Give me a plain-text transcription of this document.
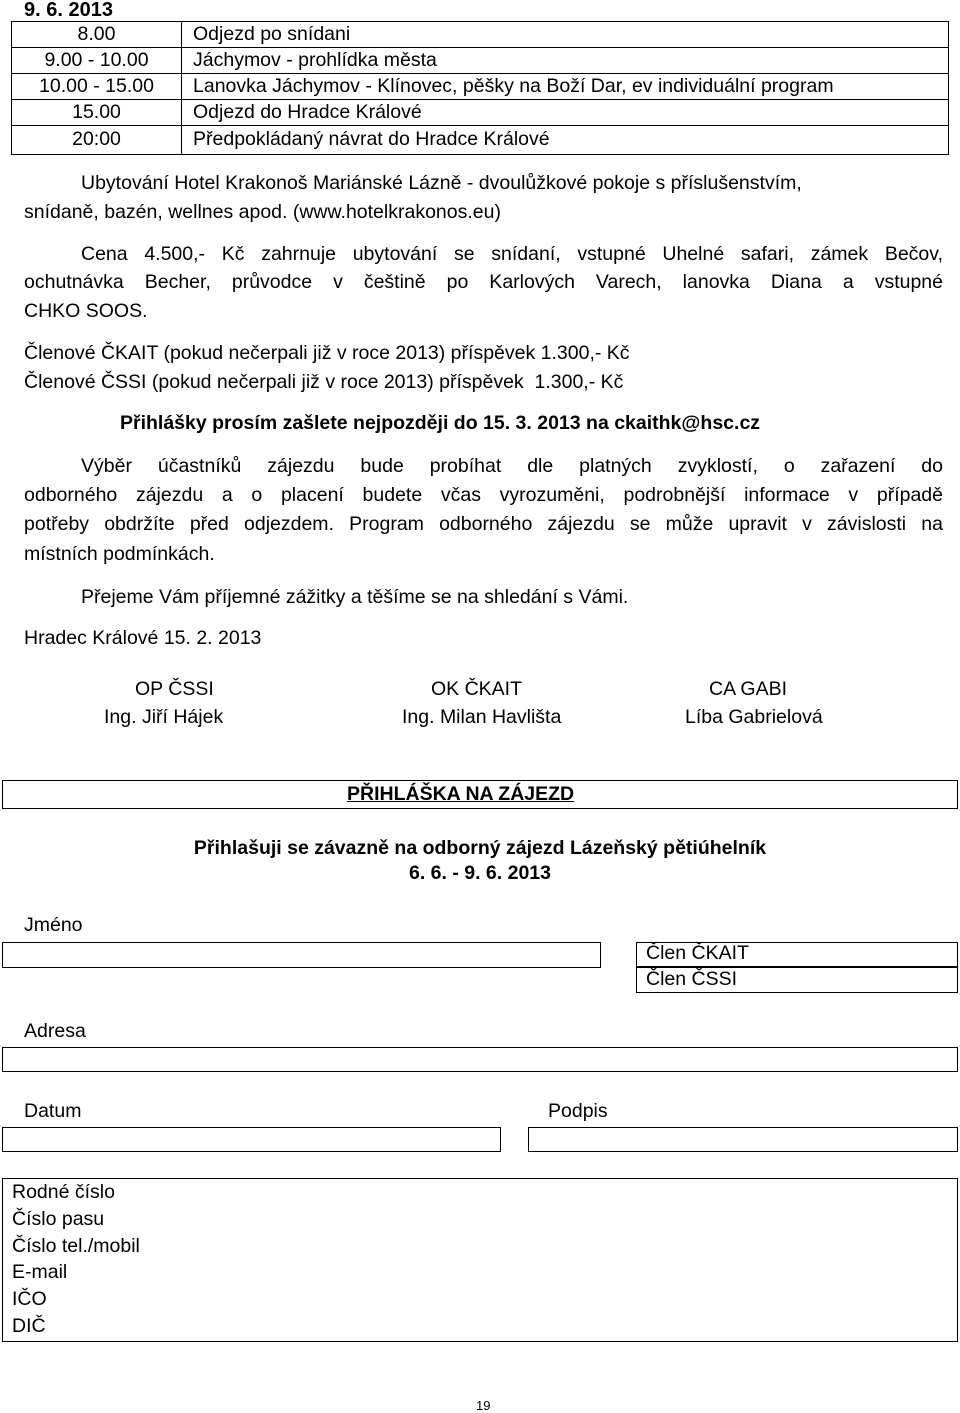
9. 6. 2013
8.00	Odjezd po snídani
9.00 - 10.00	Jáchymov - prohlídka města
10.00 - 15.00	Lanovka Jáchymov - Klínovec, pěšky na Boží Dar, ev individuální program
15.00	Odjezd do Hradce Králové
20:00	Předpokládaný návrat do Hradce Králové
Ubytování Hotel Krakonoš Mariánské Lázně - dvoulůžkové pokoje s příslušenstvím,
snídaně, bazén, wellnes apod. (www.hotelkrakonos.eu)
Cena 4.500,- Kč zahrnuje ubytování se snídaní, vstupné Uhelné safari, zámek Bečov,
ochutnávka Becher, průvodce v češtině po Karlových Varech, lanovka Diana a vstupné
CHKO SOOS.
Členové ČKAIT (pokud nečerpali již v roce 2013) příspěvek 1.300,- Kč
Členové ČSSI (pokud nečerpali již v roce 2013) příspěvek  1.300,- Kč
Přihlášky prosím zašlete nejpozději do 15. 3. 2013 na ckaithk@hsc.cz
Výběr účastníků zájezdu bude probíhat dle platných zvyklostí, o zařazení do
odborného zájezdu a o placení budete včas vyrozuměni, podrobnější informace v případě
potřeby obdržíte před odjezdem. Program odborného zájezdu se může upravit v závislosti na
místních podmínkách.
Přejeme Vám příjemné zážitky a těšíme se na shledání s Vámi.
Hradec Králové 15. 2. 2013
OP ČSSI
Ing. Jiří Hájek
OK ČKAIT
Ing. Milan Havlišta
CA GABI
Líba Gabrielová
PŘIHLÁŠKA NA ZÁJEZD
Přihlašuji se závazně na odborný zájezd Lázeňský pětiúhelník
6. 6. - 9. 6. 2013
Jméno
Člen ČKAIT
Člen ČSSI
Adresa
Datum	Podpis
Rodné číslo
Číslo pasu
Číslo tel./mobil
E-mail
IČO
DIČ
19
